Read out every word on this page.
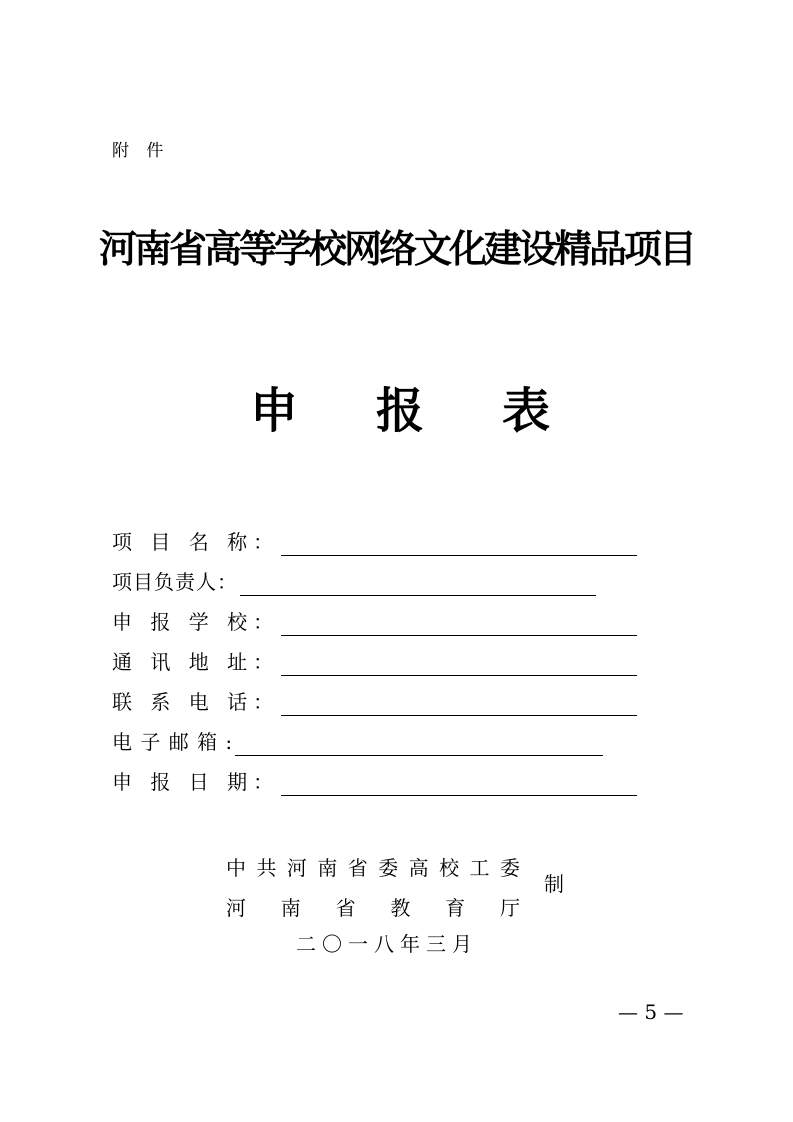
附 件
河南省高等学校网络文化建设精品项目
申 报 表
项 目 名 称：
项目负责人：
申 报 学 校：
通 讯 地 址：
联 系 电 话：
电 子 邮 箱 :
申 报 日 期：
中 共 河 南 省 委 高 校 工 委
河 南 省 教 育 厅
制
二〇一八年三月
— 5 —
